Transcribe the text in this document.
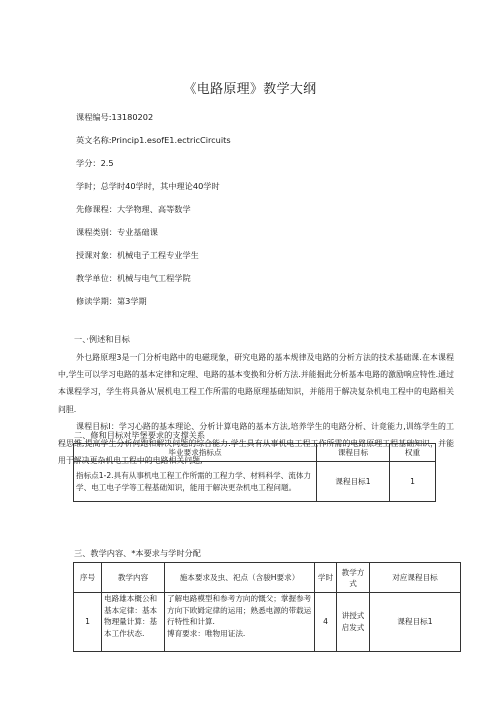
《电路原理》教学大纲
课程编号:13180202
英文名称:Princip1.esofE1.ectricCircuits
学分：2.5
学时；总学时40学时，其中理论40学时
先修课程：大学物理、高等数学
课程类别：专业基础课
授课对象：机械电子工程专业学生
教学单位：机械与电气工程学院
修读学期：第3学期
一、·例述和目标
外乜路原理3是一门分析电路中的电磁现象，研究电路的基本规律及电路的分析方法的技术基础课.在本课程中,学生可以学习电路的基本定律和定理、电路的基本变换和分析方法.并能掘此分析基本电路的激励响应特性.通过本课程学习，学生将具备从'展机电工程工作所需的电路原理基础知识，并能用于解决复杂机电工程中的电路相关问胆.
课程目标I：学习心路的基本理论、分析计算电路的基本方法,培养学生的电路分析、计竟能力,训练学生的工程思维,提高学生分析何跑和解决问题的综合能力.学生具有从事机电工程工作所需的电路原理工程基础知识，并能用于解决更杂机电工程中的电路相关问题,
二、修和目标对毕堡要求的支撑关系
毕业要求指标点	课程目标	权重
指标点1-2.具有从事机电工程工作所需的工程力学、材料科学、流体力学、电工电子学等工程基础知识，能用于解决更杂机电工程问题。	课程目标1	1
三、教学内容、*本要求与学时分配
序号	教学内容	施本要求及虫、祀点（含骏H要求）	学时	教学方式	对应课程目标
1	电路雄本概公和基本定律：基本物理量计算：基本工作状态.	了解电路模型和参考方向的慨父；掌握参考方向下欧姆定律的运用；熟悉电源的带载运行特性和计算.
博育要求：唯物用证法.	4	讲授式启发式	课程目标1
